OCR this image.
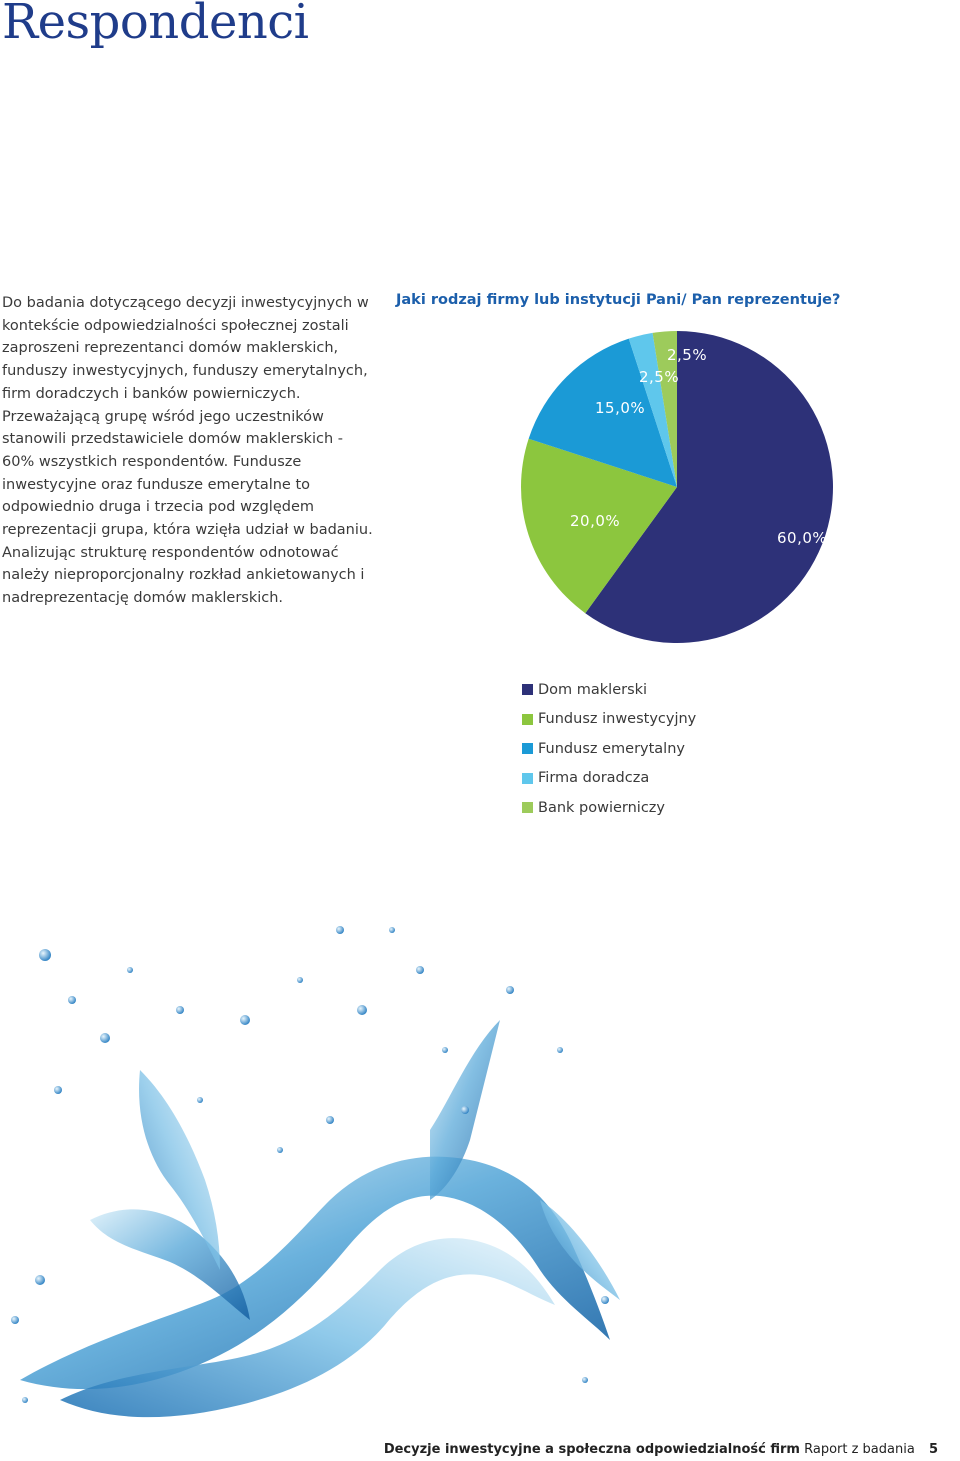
Respondenci

Do badania dotyczącego decyzji inwestycyjnych w kontekście odpowiedzialności społecznej zostali zaproszeni reprezentanci domów maklerskich, funduszy inwestycyjnych, funduszy emerytalnych, firm doradczych i banków powierniczych. Przeważającą grupę wśród jego uczestników stanowili przedstawiciele domów maklerskich - 60% wszystkich respondentów. Fundusze inwestycyjne oraz fundusze emerytalne to odpowiednio druga i trzecia pod względem reprezentacji grupa, która wzięła udział w badaniu. Analizując strukturę respondentów odnotować należy nieproporcjonalny rozkład ankietowanych i nadreprezentację domów maklerskich.

Jaki rodzaj firmy lub instytucji Pani/ Pan reprezentuje?

60,0%
20,0%
15,0%
2,5%
2,5%
Dom maklerski
Fundusz inwestycyjny
Fundusz emerytalny
Firma doradcza
Bank powierniczy
Decyzje inwestycyjne a społeczna odpowiedzialność firm Raport z badania 5
